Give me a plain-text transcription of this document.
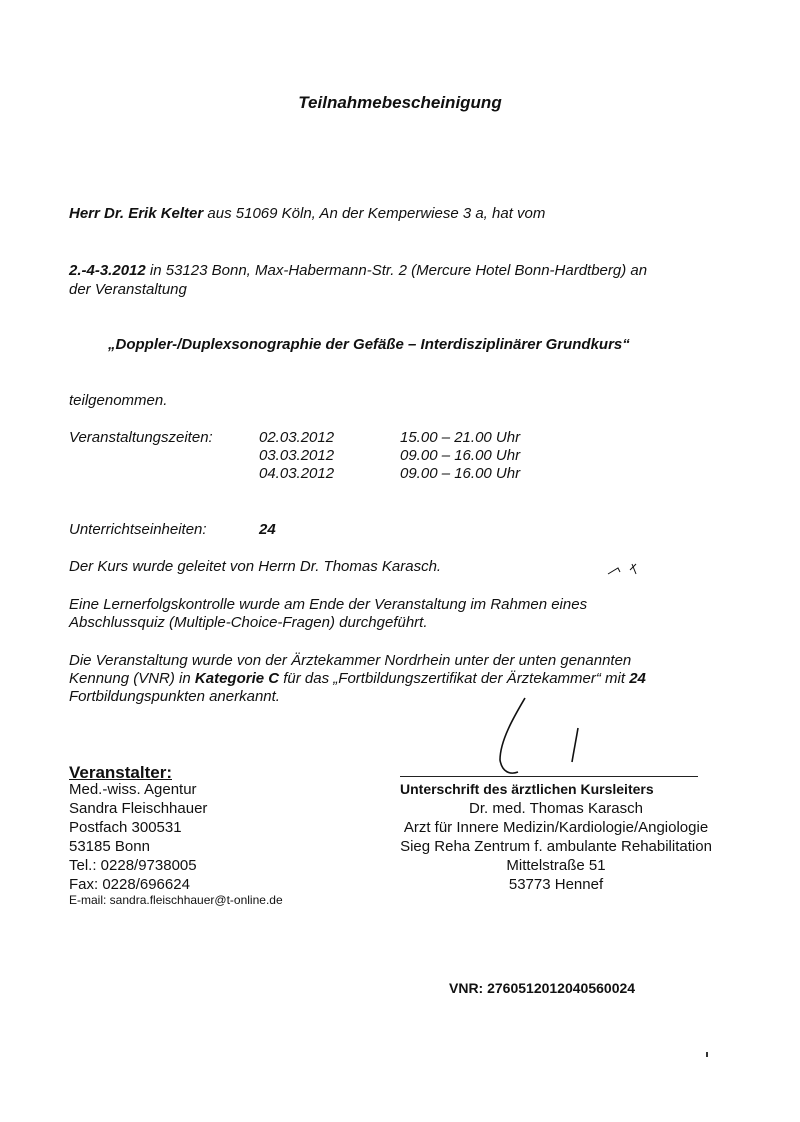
Teilnahmebescheinigung
Herr Dr. Erik Kelter aus 51069 Köln, An der Kemperwiese 3 a, hat vom
2.-4-3.2012 in 53123 Bonn, Max-Habermann-Str. 2 (Mercure Hotel Bonn-Hardtberg) an
der Veranstaltung
„Doppler-/Duplexsonographie der Gefäße – Interdisziplinärer Grundkurs“
teilgenommen.
Veranstaltungszeiten:	02.03.2012	15.00 – 21.00 Uhr
03.03.2012	09.00 – 16.00 Uhr
04.03.2012	09.00 – 16.00 Uhr
Unterrichtseinheiten:	24
Der Kurs wurde geleitet von Herrn Dr. Thomas Karasch.
Eine Lernerfolgskontrolle wurde am Ende der Veranstaltung im Rahmen eines
Abschlussquiz (Multiple-Choice-Fragen) durchgeführt.
Die Veranstaltung wurde von der Ärztekammer Nordrhein unter der unten genannten
Kennung (VNR) in Kategorie C für das „Fortbildungszertifikat der Ärztekammer“ mit 24
Fortbildungspunkten anerkannt.
Veranstalter:
Med.-wiss. Agentur
Sandra Fleischhauer
Postfach 300531
53185 Bonn
Tel.: 0228/9738005
Fax: 0228/696624
E-mail: sandra.fleischhauer@t-online.de
Unterschrift des ärztlichen Kursleiters
Dr. med. Thomas Karasch
Arzt für Innere Medizin/Kardiologie/Angiologie
Sieg Reha Zentrum f. ambulante Rehabilitation
Mittelstraße 51
53773 Hennef
VNR: 2760512012040560024
